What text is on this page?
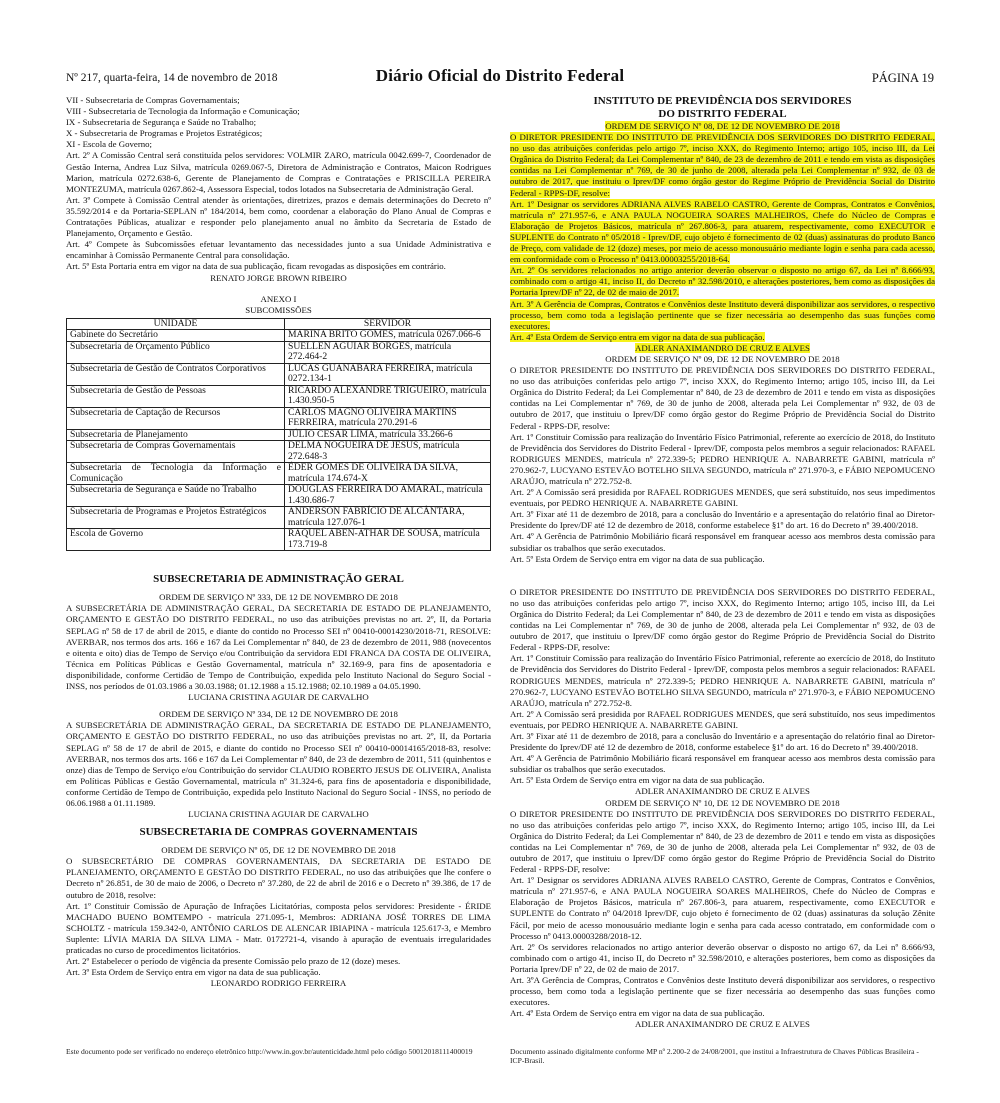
Nº 217, quarta-feira, 14 de novembro de 2018	Diário Oficial do Distrito Federal	PÁGINA 19

VII - Subsecretaria de Compras Governamentais;

VIII - Subsecretaria de Tecnologia da Informação e Comunicação;

IX - Subsecretaria de Segurança e Saúde no Trabalho;

X - Subsecretaria de Programas e Projetos Estratégicos;

XI - Escola de Governo;

Art. 2º A Comissão Central será constituída pelos servidores: VOLMIR ZARO, matrícula 0042.699-7, Coordenador de Gestão Interna, Andrea Luz Silva, matrícula 0269.067-5, Diretora de Administração e Contratos, Maicon Rodrigues Marion, matrícula 0272.638-6, Gerente de Planejamento de Compras e Contratações e PRISCILLA PEREIRA MONTEZUMA, matrícula 0267.862-4, Assessora Especial, todos lotados na Subsecretaria de Administração Geral.

Art. 3º Compete à Comissão Central atender às orientações, diretrizes, prazos e demais determinações do Decreto nº 35.592/2014 e da Portaria-SEPLAN nº 184/2014, bem como, coordenar a elaboração do Plano Anual de Compras e Contratações Públicas, atualizar e responder pelo planejamento anual no âmbito da Secretaria de Estado de Planejamento, Orçamento e Gestão.

Art. 4º Compete às Subcomissões efetuar levantamento das necessidades junto a sua Unidade Administrativa e encaminhar à Comissão Permanente Central para consolidação.

Art. 5º Esta Portaria entra em vigor na data de sua publicação, ficam revogadas as disposições em contrário.

RENATO JORGE BROWN RIBEIRO

ANEXO I

SUBCOMISSÕES

UNIDADE	SERVIDOR
Gabinete do Secretário	MARINA BRITO GOMES, matrícula 0267.066-6
Subsecretaria de Orçamento Público	SUELLEN AGUIAR BORGES, matrícula 272.464-2
Subsecretaria de Gestão de Contratos Corporativos	LUCAS GUANABARA FERREIRA, matrícula 0272.134-1
Subsecretaria de Gestão de Pessoas	RICARDO ALEXANDRE TRIGUEIRO, matrícula 1.430.950-5
Subsecretaria de Captação de Recursos	CARLOS MAGNO OLIVEIRA MARTINS FERREIRA, matrícula 270.291-6
Subsecretaria de Planejamento	JÚLIO CESAR LIMA, matrícula 33.266-6
Subsecretaria de Compras Governamentais	DELMA NOGUEIRA DE JESUS, matrícula 272.648-3
Subsecretaria de Tecnologia da Informação e Comunicação	ÉDER GOMES DE OLIVEIRA DA SILVA, matrícula 174.674-X
Subsecretaria de Segurança e Saúde no Trabalho	DOUGLAS FERREIRA DO AMARAL, matrícula 1.430.686-7
Subsecretaria de Programas e Projetos Estratégicos	ANDERSON FABRÍCIO DE ALCÂNTARA, matrícula 127.076-1
Escola de Governo	RAQUEL ABEN-ATHAR DE SOUSA, matrícula 173.719-8

SUBSECRETARIA DE ADMINISTRAÇÃO GERAL

ORDEM DE SERVIÇO Nº 333, DE 12 DE NOVEMBRO DE 2018

A SUBSECRETÁRIA DE ADMINISTRAÇÃO GERAL, DA SECRETARIA DE ESTADO DE PLANEJAMENTO, ORÇAMENTO E GESTÃO DO DISTRITO FEDERAL, no uso das atribuições previstas no art. 2º, II, da Portaria SEPLAG nº 58 de 17 de abril de 2015, e diante do contido no Processo SEI nº 00410-00014230/2018-71, RESOLVE: AVERBAR, nos termos dos arts. 166 e 167 da Lei Complementar nº 840, de 23 de dezembro de 2011, 988 (novecentos e oitenta e oito) dias de Tempo de Serviço e/ou Contribuição da servidora EDI FRANCA DA COSTA DE OLIVEIRA, Técnica em Políticas Públicas e Gestão Governamental, matrícula nº 32.169-9, para fins de aposentadoria e disponibilidade, conforme Certidão de Tempo de Contribuição, expedida pelo Instituto Nacional do Seguro Social - INSS, nos períodos de 01.03.1986 a 30.03.1988; 01.12.1988 a 15.12.1988; 02.10.1989 a 04.05.1990.

LUCIANA CRISTINA AGUIAR DE CARVALHO

ORDEM DE SERVIÇO Nº 334, DE 12 DE NOVEMBRO DE 2018

A SUBSECRETÁRIA DE ADMINISTRAÇÃO GERAL, DA SECRETARIA DE ESTADO DE PLANEJAMENTO, ORÇAMENTO E GESTÃO DO DISTRITO FEDERAL, no uso das atribuições previstas no art. 2º, II, da Portaria SEPLAG nº 58 de 17 de abril de 2015, e diante do contido no Processo SEI nº 00410-00014165/2018-83, resolve: AVERBAR, nos termos dos arts. 166 e 167 da Lei Complementar nº 840, de 23 de dezembro de 2011, 511 (quinhentos e onze) dias de Tempo de Serviço e/ou Contribuição do servidor CLAUDIO ROBERTO JESUS DE OLIVEIRA, Analista em Políticas Públicas e Gestão Governamental, matrícula nº 31.324-6, para fins de aposentadoria e disponibilidade, conforme Certidão de Tempo de Contribuição, expedida pelo Instituto Nacional do Seguro Social - INSS, no período de 06.06.1988 a 01.11.1989.

LUCIANA CRISTINA AGUIAR DE CARVALHO

SUBSECRETARIA DE COMPRAS GOVERNAMENTAIS

ORDEM DE SERVIÇO Nº 05, DE 12 DE NOVEMBRO DE 2018

O SUBSECRETÁRIO DE COMPRAS GOVERNAMENTAIS, DA SECRETARIA DE ESTADO DE PLANEJAMENTO, ORÇAMENTO E GESTÃO DO DISTRITO FEDERAL, no uso das atribuições que lhe confere o Decreto nº 26.851, de 30 de maio de 2006, o Decreto nº 37.280, de 22 de abril de 2016 e o Decreto nº 39.386, de 17 de outubro de 2018, resolve:

Art. 1º Constituir Comissão de Apuração de Infrações Licitatórias, composta pelos servidores: Presidente - ÉRIDE MACHADO BUENO BOMTEMPO - matrícula 271.095-1, Membros: ADRIANA JOSÉ TORRES DE LIMA SCHOLTZ - matrícula 159.342-0, ANTÔNIO CARLOS DE ALENCAR IBIAPINA - matrícula 125.617-3, e Membro Suplente: LÍVIA MARIA DA SILVA LIMA - Matr. 0172721-4, visando à apuração de eventuais irregularidades praticadas no curso de procedimentos licitatórios.

Art. 2º Estabelecer o período de vigência da presente Comissão pelo prazo de 12 (doze) meses.

Art. 3º Esta Ordem de Serviço entra em vigor na data de sua publicação.

LEONARDO RODRIGO FERREIRA

INSTITUTO DE PREVIDÊNCIA DOS SERVIDORES

DO DISTRITO FEDERAL

ORDEM DE SERVIÇO Nº 08, DE 12 DE NOVEMBRO DE 2018

O DIRETOR PRESIDENTE DO INSTITUTO DE PREVIDÊNCIA DOS SERVIDORES DO DISTRITO FEDERAL, no uso das atribuições conferidas pelo artigo 7º, inciso XXX, do Regimento Interno; artigo 105, inciso III, da Lei Orgânica do Distrito Federal; da Lei Complementar nº 840, de 23 de dezembro de 2011 e tendo em vista as disposições contidas na Lei Complementar nº 769, de 30 de junho de 2008, alterada pela Lei Complementar nº 932, de 03 de outubro de 2017, que instituiu o Iprev/DF como órgão gestor do Regime Próprio de Previdência Social do Distrito Federal - RPPS-DF, resolve:

Art. 1º Designar os servidores ADRIANA ALVES RABELO CASTRO, Gerente de Compras, Contratos e Convênios, matrícula nº 271.957-6, e ANA PAULA NOGUEIRA SOARES MALHEIROS, Chefe do Núcleo de Compras e Elaboração de Projetos Básicos, matrícula nº 267.806-3, para atuarem, respectivamente, como EXECUTOR e SUPLENTE do Contrato nº 05/2018 - Iprev/DF, cujo objeto é fornecimento de 02 (duas) assinaturas do produto Banco de Preço, com validade de 12 (doze) meses, por meio de acesso monousuário mediante login e senha para cada acesso, em conformidade com o Processo nº 0413.00003255/2018-64.

Art. 2º Os servidores relacionados no artigo anterior deverão observar o disposto no artigo 67, da Lei nº 8.666/93, combinado com o artigo 41, inciso II, do Decreto nº 32.598/2010, e alterações posteriores, bem como as disposições da Portaria Iprev/DF nº 22, de 02 de maio de 2017.

Art. 3º A Gerência de Compras, Contratos e Convênios deste Instituto deverá disponibilizar aos servidores, o respectivo processo, bem como toda a legislação pertinente que se fizer necessária ao desempenho das suas funções como executores.

Art. 4º Esta Ordem de Serviço entra em vigor na data de sua publicação.

ADLER ANAXIMANDRO DE CRUZ E ALVES

ORDEM DE SERVIÇO Nº 09, DE 12 DE NOVEMBRO DE 2018

O DIRETOR PRESIDENTE DO INSTITUTO DE PREVIDÊNCIA DOS SERVIDORES DO DISTRITO FEDERAL, no uso das atribuições conferidas pelo artigo 7º, inciso XXX, do Regimento Interno; artigo 105, inciso III, da Lei Orgânica do Distrito Federal; da Lei Complementar nº 840, de 23 de dezembro de 2011 e tendo em vista as disposições contidas na Lei Complementar nº 769, de 30 de junho de 2008, alterada pela Lei Complementar nº 932, de 03 de outubro de 2017, que instituiu o Iprev/DF como órgão gestor do Regime Próprio de Previdência Social do Distrito Federal - RPPS-DF, resolve:

Art. 1º Constituir Comissão para realização do Inventário Físico Patrimonial, referente ao exercício de 2018, do Instituto de Previdência dos Servidores do Distrito Federal - Iprev/DF, composta pelos membros a seguir relacionados: RAFAEL RODRIGUES MENDES, matrícula nº 272.339-5; PEDRO HENRIQUE A. NABARRETE GABINI, matrícula nº 270.962-7, LUCYANO ESTEVÃO BOTELHO SILVA SEGUNDO, matrícula nº 271.970-3, e FÁBIO NEPOMUCENO ARAÚJO, matrícula nº 272.752-8.

Art. 2º A Comissão será presidida por RAFAEL RODRIGUES MENDES, que será substituído, nos seus impedimentos eventuais, por PEDRO HENRIQUE A. NABARRETE GABINI.

Art. 3º Fixar até 11 de dezembro de 2018, para a conclusão do Inventário e a apresentação do relatório final ao Diretor-Presidente do Iprev/DF até 12 de dezembro de 2018, conforme estabelece §1º do art. 16 do Decreto nº 39.400/2018.

Art. 4º A Gerência de Patrimônio Mobiliário ficará responsável em franquear acesso aos membros desta comissão para subsidiar os trabalhos que serão executados.

Art. 5º Esta Ordem de Serviço entra em vigor na data de sua publicação.

O DIRETOR PRESIDENTE DO INSTITUTO DE PREVIDÊNCIA DOS SERVIDORES DO DISTRITO FEDERAL, no uso das atribuições conferidas pelo artigo 7º, inciso XXX, do Regimento Interno; artigo 105, inciso III, da Lei Orgânica do Distrito Federal; da Lei Complementar nº 840, de 23 de dezembro de 2011 e tendo em vista as disposições contidas na Lei Complementar nº 769, de 30 de junho de 2008, alterada pela Lei Complementar nº 932, de 03 de outubro de 2017, que instituiu o Iprev/DF como órgão gestor do Regime Próprio de Previdência Social do Distrito Federal - RPPS-DF, resolve:

Art. 1º Constituir Comissão para realização do Inventário Físico Patrimonial, referente ao exercício de 2018, do Instituto de Previdência dos Servidores do Distrito Federal - Iprev/DF, composta pelos membros a seguir relacionados: RAFAEL RODRIGUES MENDES, matrícula nº 272.339-5; PEDRO HENRIQUE A. NABARRETE GABINI, matrícula nº 270.962-7, LUCYANO ESTEVÃO BOTELHO SILVA SEGUNDO, matrícula nº 271.970-3, e FÁBIO NEPOMUCENO ARAÚJO, matrícula nº 272.752-8.

Art. 2º A Comissão será presidida por RAFAEL RODRIGUES MENDES, que será substituído, nos seus impedimentos eventuais, por PEDRO HENRIQUE A. NABARRETE GABINI.

Art. 3º Fixar até 11 de dezembro de 2018, para a conclusão do Inventário e a apresentação do relatório final ao Diretor-Presidente do Iprev/DF até 12 de dezembro de 2018, conforme estabelece §1º do art. 16 do Decreto nº 39.400/2018.

Art. 4º A Gerência de Patrimônio Mobiliário ficará responsável em franquear acesso aos membros desta comissão para subsidiar os trabalhos que serão executados.

Art. 5º Esta Ordem de Serviço entra em vigor na data de sua publicação.

ADLER ANAXIMANDRO DE CRUZ E ALVES

ORDEM DE SERVIÇO Nº 10, DE 12 DE NOVEMBRO DE 2018

O DIRETOR PRESIDENTE DO INSTITUTO DE PREVIDÊNCIA DOS SERVIDORES DO DISTRITO FEDERAL, no uso das atribuições conferidas pelo artigo 7º, inciso XXX, do Regimento Interno; artigo 105, inciso III, da Lei Orgânica do Distrito Federal; da Lei Complementar nº 840, de 23 de dezembro de 2011 e tendo em vista as disposições contidas na Lei Complementar nº 769, de 30 de junho de 2008, alterada pela Lei Complementar nº 932, de 03 de outubro de 2017, que instituiu o Iprev/DF como órgão gestor do Regime Próprio de Previdência Social do Distrito Federal - RPPS-DF, resolve:

Art. 1º Designar os servidores ADRIANA ALVES RABELO CASTRO, Gerente de Compras, Contratos e Convênios, matrícula nº 271.957-6, e ANA PAULA NOGUEIRA SOARES MALHEIROS, Chefe do Núcleo de Compras e Elaboração de Projetos Básicos, matrícula nº 267.806-3, para atuarem, respectivamente, como EXECUTOR e SUPLENTE do Contrato nº 04/2018 Iprev/DF, cujo objeto é fornecimento de 02 (duas) assinaturas da solução Zênite Fácil, por meio de acesso monousuário mediante login e senha para cada acesso contratado, em conformidade com o Processo nº 0413.00003288/2018-12.

Art. 2º Os servidores relacionados no artigo anterior deverão observar o disposto no artigo 67, da Lei nº 8.666/93, combinado com o artigo 41, inciso II, do Decreto nº 32.598/2010, e alterações posteriores, bem como as disposições da Portaria Iprev/DF nº 22, de 02 de maio de 2017.

Art. 3ºA Gerência de Compras, Contratos e Convênios deste Instituto deverá disponibilizar aos servidores, o respectivo processo, bem como toda a legislação pertinente que se fizer necessária ao desempenho das suas funções como executores.

Art. 4º Esta Ordem de Serviço entra em vigor na data de sua publicação.

ADLER ANAXIMANDRO DE CRUZ E ALVES

Este documento pode ser verificado no endereço eletrônico http://www.in.gov.br/autenticidade.html pelo código 50012018111400019	Documento assinado digitalmente conforme MP nº 2.200-2 de 24/08/2001, que institui a Infraestrutura de Chaves Públicas Brasileira - ICP-Brasil.
